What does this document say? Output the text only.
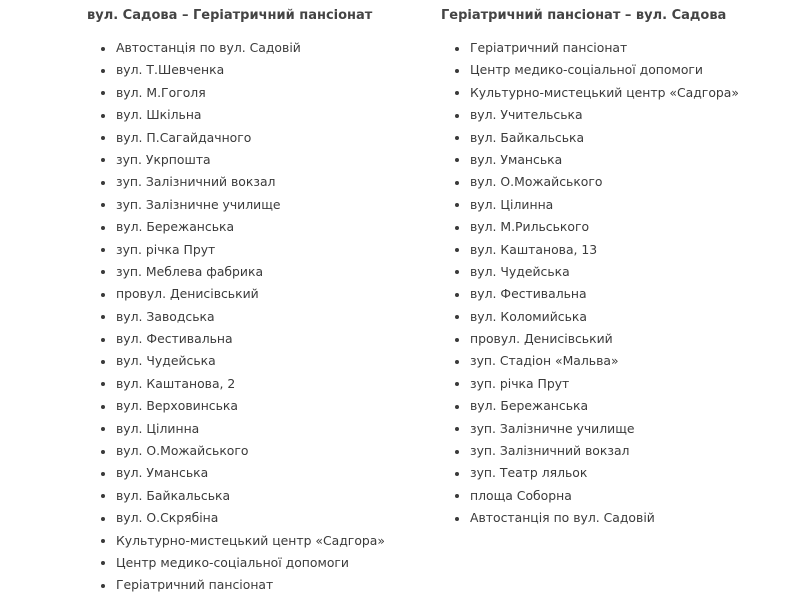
вул. Садова – Геріатричний пансіонат
Автостанція по вул. Садовій
вул. Т.Шевченка
вул. М.Гоголя
вул. Шкільна
вул. П.Сагайдачного
зуп. Укрпошта
зуп. Залізничний вокзал
зуп. Залізничне училище
вул. Бережанська
зуп. річка Прут
зуп. Меблева фабрика
провул. Денисівський
вул. Заводська
вул. Фестивальна
вул. Чудейська
вул. Каштанова, 2
вул. Верховинська
вул. Цілинна
вул. О.Можайського
вул. Уманська
вул. Байкальська
вул. О.Скрябіна
Культурно-мистецький центр «Садгора»
Центр медико-соціальної допомоги
Геріатричний пансіонат
Геріатричний пансіонат – вул. Садова
Геріатричний пансіонат
Центр медико-соціальної допомоги
Культурно-мистецький центр «Садгора»
вул. Учительська
вул. Байкальська
вул. Уманська
вул. О.Можайського
вул. Цілинна
вул. М.Рильського
вул. Каштанова, 13
вул. Чудейська
вул. Фестивальна
вул. Коломийська
провул. Денисівський
зуп. Стадіон «Мальва»
зуп. річка Прут
вул. Бережанська
зуп. Залізничне училище
зуп. Залізничний вокзал
зуп. Театр ляльок
площа Соборна
Автостанція по вул. Садовій
